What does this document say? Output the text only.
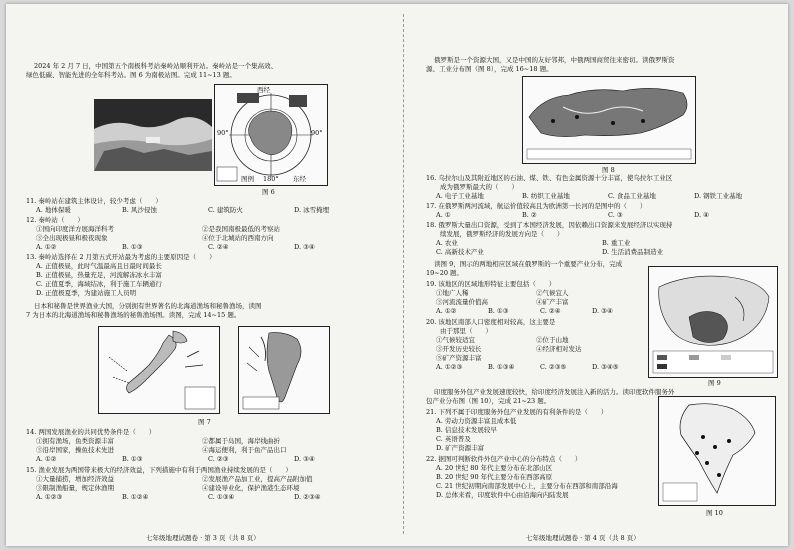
2024 年 2 月 7 日，中国第五个南极科考站秦岭站顺利开站。秦岭站是一个集高效、
绿色低碳、智能先进的全年科考站。图 6 为南极站图。完成 11~13 题。
西经
90°	90°
图例 180° 东经
图 6
11. 秦岭站在建筑主体设计，较少考虑（　　）
A. 地体保暖	B. 风沙侵蚀	C. 建筑防火	D. 冰雪掩埋
12. 秦岭站（　　）
①国向印度洋方展海洋科考	②是我国南极最低的考察站
③全出现极昼和极夜现象	④位于北城站的西南方向
A. ①②	B. ①③	C. ②④	D. ③④
13. 秦岭站选择在 2 月第五式开站最为考虑的主要原因是（　　）
A. 正值极昼，此时气温最高且日最时间最长
B. 正值极昼，热量充足，河流解冻冰水丰富
C. 正值夏季，海域结冰，利于施工车辆通行
D. 正值极夏季，为建站施工人员明
日本和秘鲁是世界渔业大国，分别拥有世界著名的北海道渔场和秘鲁渔场，读图
7 为日本的北海道渔场和秘鲁渔场的秘鲁渔场图。读图，完成 14~15 题。
图 7
14. 两国发展渔业的共同优势条件是（　　）
①拥有渔场，鱼类资源丰富	②都属于岛国，海岸线曲折
③沿岸国家，操鱼技术先进	④海运便利，利于鱼产品出口
A. ①②	B. ①③	C. ②③	D. ③④
15. 渔业发展为两国带来极大的经济效益，下列措施中有利于两国渔业持续发展的是（　　）
①大量捕捞，增加经济效益	②发展渔产品加工业，提高产品附加值
③限制渔船量，规定休渔期	④建设导业化，保护渔港生态环境
A. ①②③	B. ①②④	C. ①③④	D. ②③④
七年级地理试题卷 · 第 3 页（共 8 页）
俄罗斯是一个资源大国，又是中国的友好邻邦，中俄两国商贸往来密切。读俄罗斯资
源、工业分布图（图 8），完成 16~18 题。
图 8
16. 乌拉尔山及其附近地区的石油、煤、铁、有色金属资源十分丰富，使乌拉尔工业区
成为俄罗斯最大的（　　）
A. 电子工业基地	B. 纺织工业基地	C. 食品工业基地	D. 钢铁工业基地
17. 在俄罗斯两河流域，航运价值较高且为欧洲第一长河的是图中的（　　）
A. ①	B. ②	C. ③	D. ④
18. 俄罗斯大量出口资源，受到了本国经济发展，因依赖出口资源来发展经济以实现持
续发展，俄罗斯经济的发展方向是（　　）
A. 农业	B. 重工业
C. 高新技术产业	D. 生活消费品制造业
读图 9，图示的两地相应区域在俄罗斯的一个重要产业分布，完成
19~20 题。
19. 该地区的区域地形特征主要包括（　　）
①地广人稀	②气候宜人
③河流流量价值高	④矿产丰富
A. ①②	B. ①③	C. ②④	D. ③④
20. 该地区南部人口密度相对较高，这主要是
由于那里（　　）
①气候较适宜	②位于山地
③开发历史较长	④经济相对发达
⑤矿产资源丰富
A. ①②③	B. ①③④	C. ②③⑤	D. ③④⑤
图 9
印度服务外包产业发展速度较快，给印度经济发展注入新的活力。读印度软件服务外
包产业分布图（图 10），完成 21~23 题。
21. 下列不属于印度服务外包产业发展的有利条件的是（　　）
A. 劳动力资源丰富且成本低
B. 信息技术发展较早
C. 英语普及
D. 矿产资源丰富
22. 据图可判断软件外包产业中心的分布特点（　　）
A. 20 世纪 80 年代主要分布在北部山区
B. 20 世纪 90 年代主要分布在西部高原
C. 21 世纪初期向南部发展中心上，主要分布在西部和南部沿海
D. 总体来看，印度软件中心由沿海向内陆发展
图 10
七年级地理试题卷 · 第 4 页（共 8 页）
